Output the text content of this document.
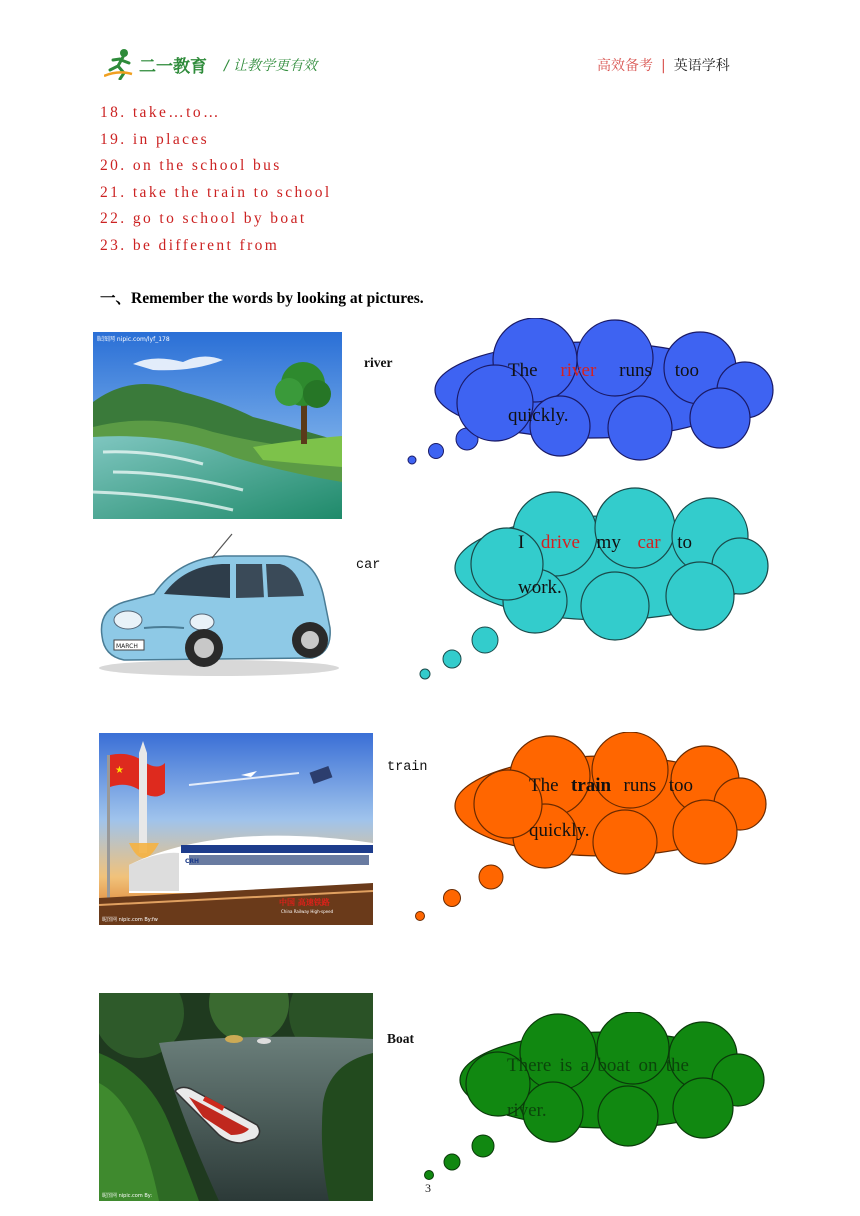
二一教育 / 让教学更有效	高效备考 | 英语学科
18. take…to…
19. in places
20. on the school bus
21. take the train to school
22. go to school by boat
23. be different from
一、Remember the words by looking at pictures.
昵图网 nipic.com/lyf_178
river	The river runs too quickly.
MARCH
car
I drive my car to work.
★
CRH
中国 高速铁路
China Railway High-speed
昵图网 nipic.com By:fw
train
The train runs too quickly.
昵图网 nipic.com By:
Boat
There is a boat on the river.
3
